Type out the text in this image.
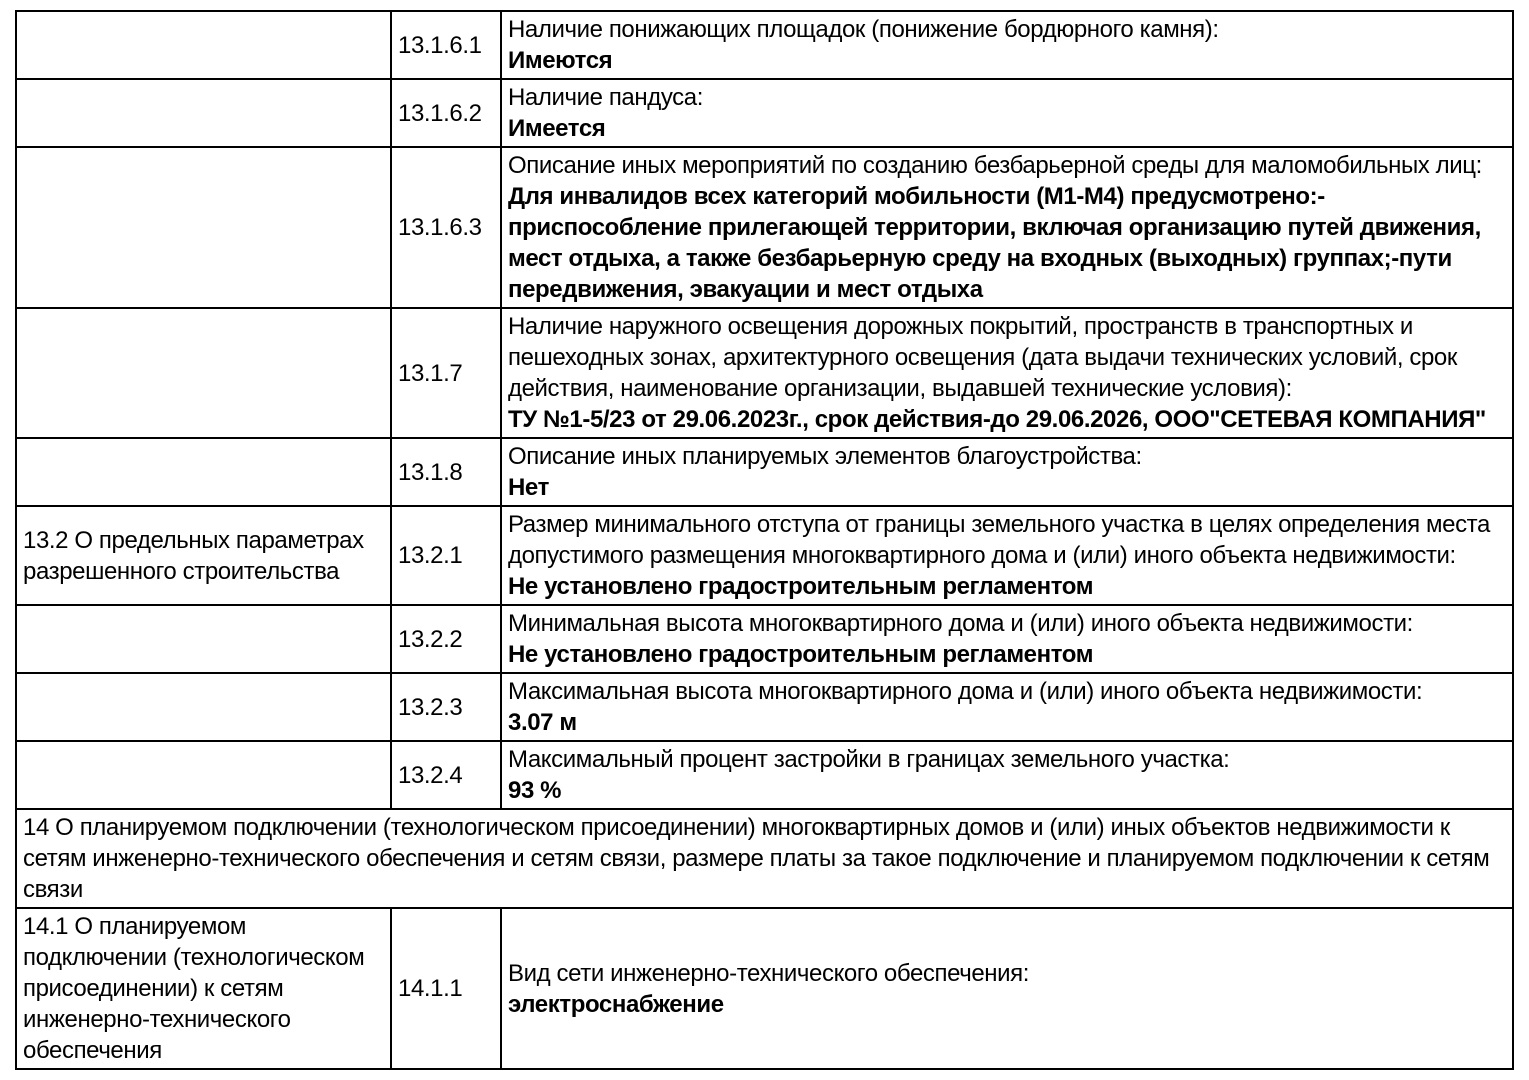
	13.1.6.1	Наличие понижающих площадок (понижение бордюрного камня):
Имеются
	13.1.6.2	Наличие пандуса:
Имеется
	13.1.6.3	Описание иных мероприятий по созданию безбарьерной среды для маломобильных лиц:
Для инвалидов всех категорий мобильности (М1-М4) предусмотрено:-приспособление прилегающей территории, включая организацию путей движения, мест отдыха, а также безбарьерную среду на входных (выходных) группах;-пути передвижения, эвакуации и мест отдыха
	13.1.7	Наличие наружного освещения дорожных покрытий, пространств в транспортных и пешеходных зонах, архитектурного освещения (дата выдачи технических условий, срок действия, наименование организации, выдавшей технические условия):
ТУ №1-5/23 от 29.06.2023г., срок действия-до 29.06.2026, ООО"СЕТЕВАЯ КОМПАНИЯ"
	13.1.8	Описание иных планируемых элементов благоустройства:
Нет
13.2 О предельных параметрах разрешенного строительства	13.2.1	Размер минимального отступа от границы земельного участка в целях определения места допустимого размещения многоквартирного дома и (или) иного объекта недвижимости:
Не установлено градостроительным регламентом
	13.2.2	Минимальная высота многоквартирного дома и (или) иного объекта недвижимости:
Не установлено градостроительным регламентом
	13.2.3	Максимальная высота многоквартирного дома и (или) иного объекта недвижимости:
3.07 м
	13.2.4	Максимальный процент застройки в границах земельного участка:
93 %
14 О планируемом подключении (технологическом присоединении) многоквартирных домов и (или) иных объектов недвижимости к сетям инженерно-технического обеспечения и сетям связи, размере платы за такое подключение и планируемом подключении к сетям связи		
14.1 О планируемом подключении (технологическом присоединении) к сетям инженерно-технического обеспечения	14.1.1	Вид сети инженерно-технического обеспечения:
электроснабжение
